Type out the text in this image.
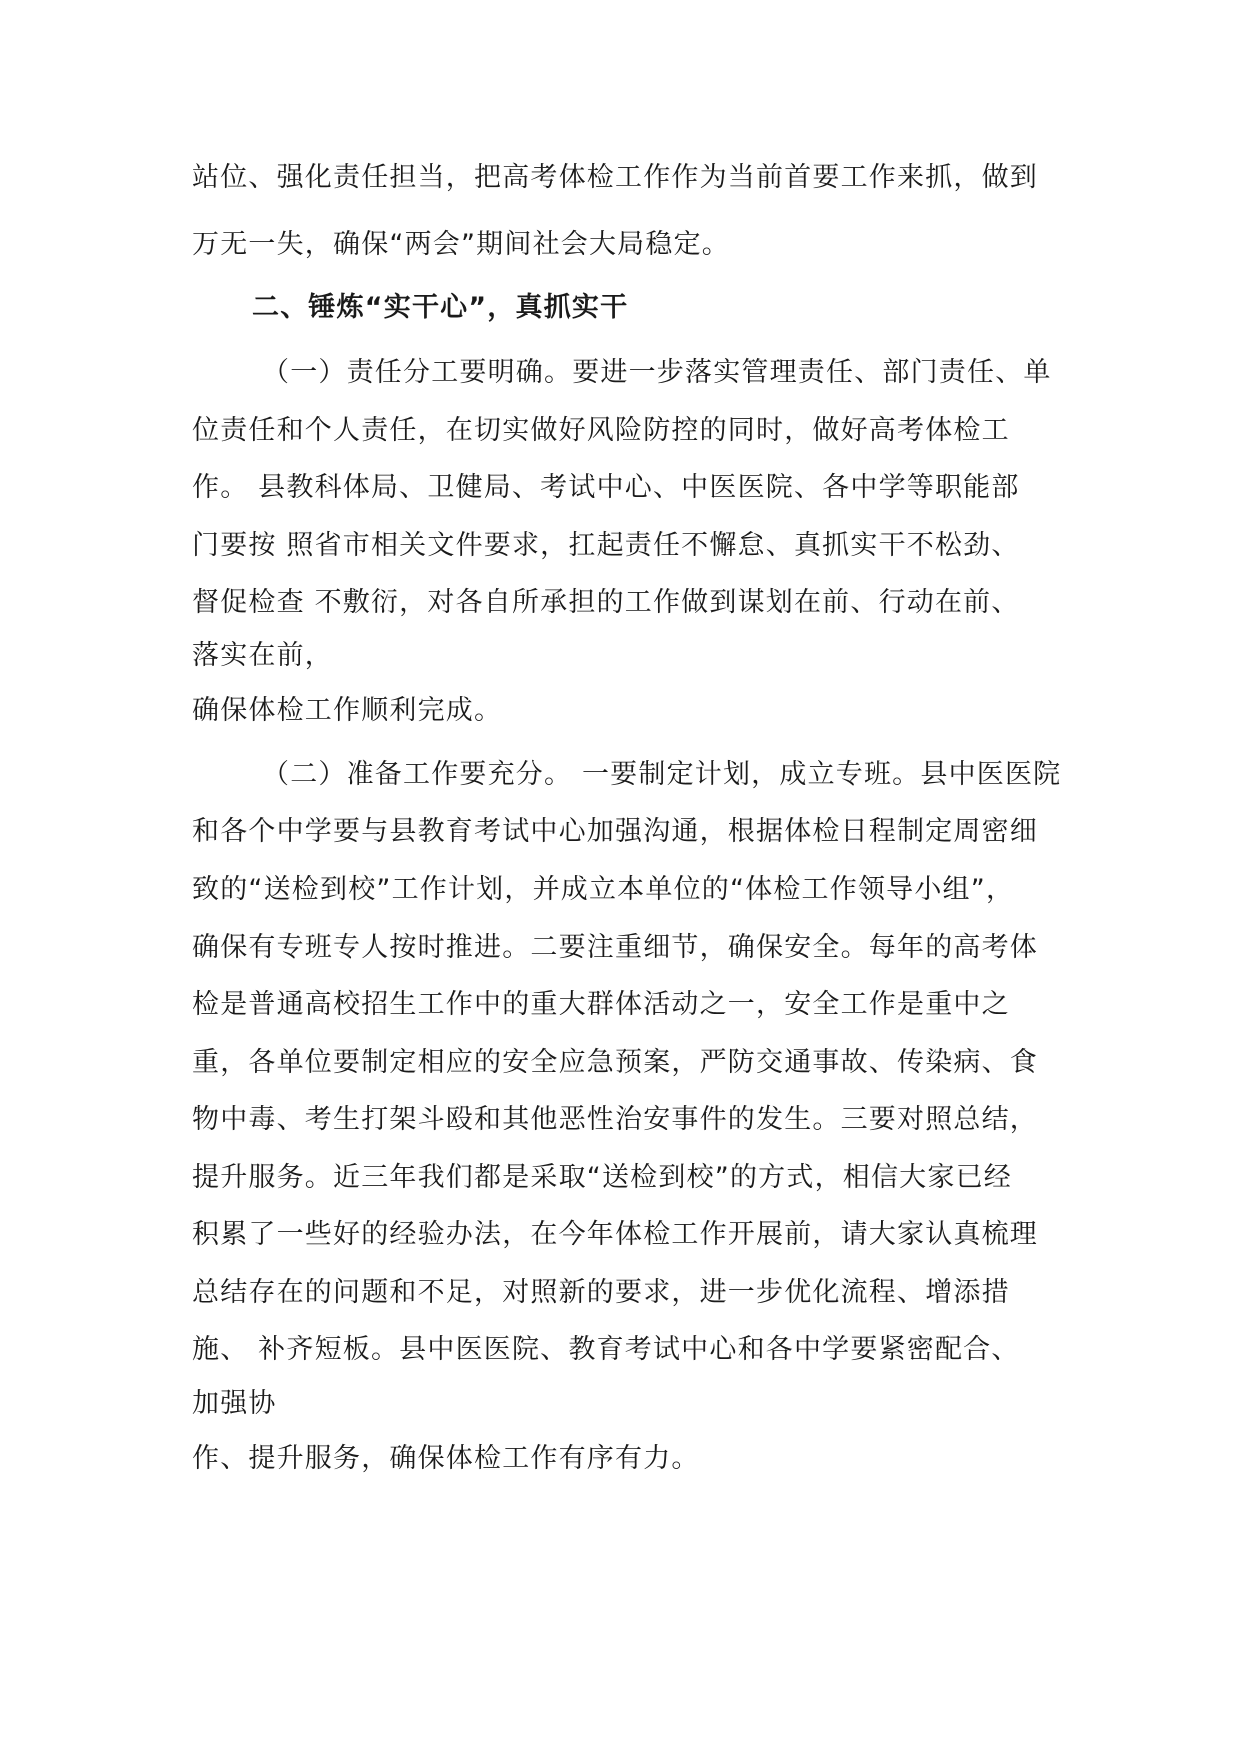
站位、强化责任担当，把高考体检工作作为当前首要工作来抓，做到
万无一失，确保“两会”期间社会大局稳定。
二、锤炼“实干心”，真抓实干
（一）责任分工要明确。要进一步落实管理责任、部门责任、单
位责任和个人责任，在切实做好风险防控的同时，做好高考体检工
作。 县教科体局、卫健局、考试中心、中医医院、各中学等职能部
门要按 照省市相关文件要求，扛起责任不懈怠、真抓实干不松劲、
督促检查 不敷衍，对各自所承担的工作做到谋划在前、行动在前、
落实在前，
确保体检工作顺利完成。
（二）准备工作要充分。 一要制定计划，成立专班。县中医医院
和各个中学要与县教育考试中心加强沟通，根据体检日程制定周密细
致的“送检到校”工作计划，并成立本单位的“体检工作领导小组”，
确保有专班专人按时推进。二要注重细节，确保安全。每年的高考体
检是普通高校招生工作中的重大群体活动之一，安全工作是重中之
重，各单位要制定相应的安全应急预案，严防交通事故、传染病、食
物中毒、考生打架斗殴和其他恶性治安事件的发生。三要对照总结，
提升服务。近三年我们都是采取“送检到校”的方式，相信大家已经
积累了一些好的经验办法，在今年体检工作开展前，请大家认真梳理
总结存在的问题和不足，对照新的要求，进一步优化流程、增添措
施、 补齐短板。县中医医院、教育考试中心和各中学要紧密配合、
加强协
作、提升服务，确保体检工作有序有力。
